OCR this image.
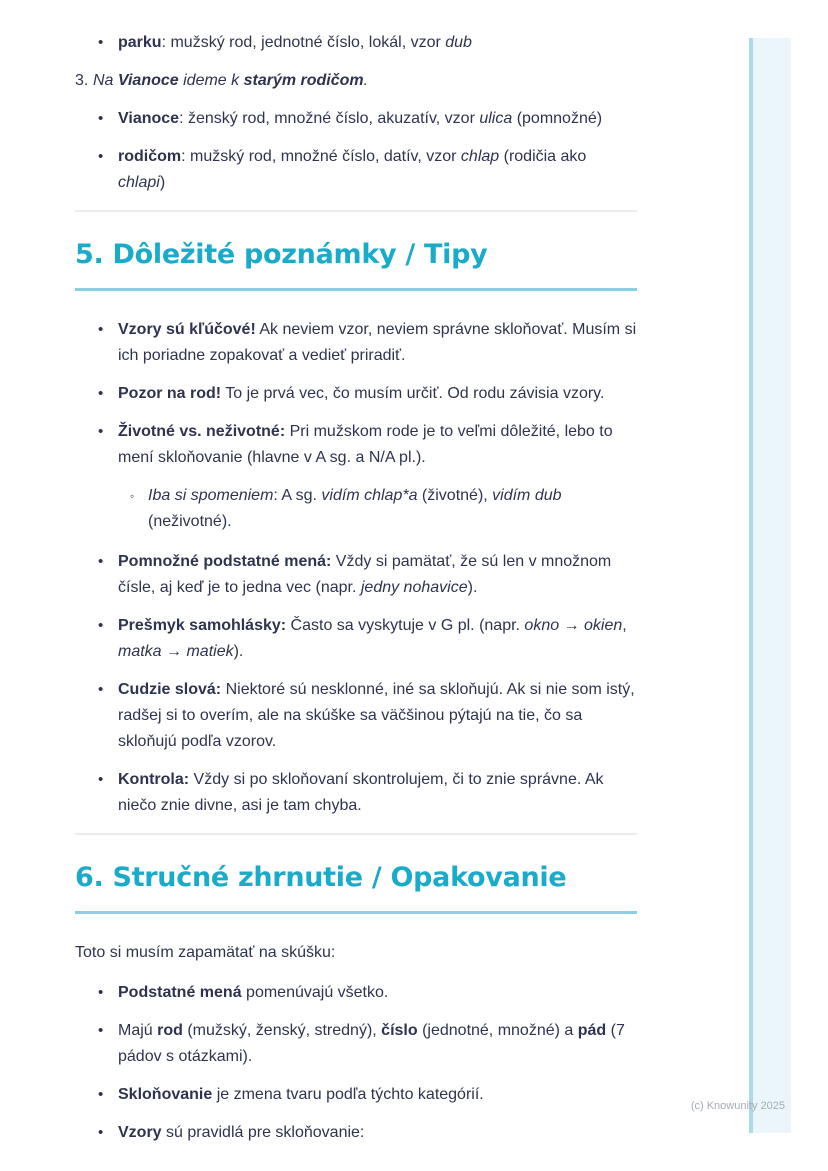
• parku: mužský rod, jednotné číslo, lokál, vzor dub
3. Na Vianoce ideme k starým rodičom.
• Vianoce: ženský rod, množné číslo, akuzatív, vzor ulica (pomnožné)
• rodičom: mužský rod, množné číslo, datív, vzor chlap (rodičia ako chlapi)
5. Dôležité poznámky / Tipy
• Vzory sú kľúčové! Ak neviem vzor, neviem správne skloňovať. Musím si ich poriadne zopakovať a vedieť priradiť.
• Pozor na rod! To je prvá vec, čo musím určiť. Od rodu závisia vzory.
• Životné vs. neživotné: Pri mužskom rode je to veľmi dôležité, lebo to mení skloňovanie (hlavne v A sg. a N/A pl.).
◦ Iba si spomeniem: A sg. vidím chlap*a (životné), vidím dub (neživotné).
• Pomnožné podstatné mená: Vždy si pamätať, že sú len v množnom čísle, aj keď je to jedna vec (napr. jedny nohavice).
• Prešmyk samohlásky: Často sa vyskytuje v G pl. (napr. okno → okien, matka → matiek).
• Cudzie slová: Niektoré sú nesklonné, iné sa skloňujú. Ak si nie som istý, radšej si to overím, ale na skúške sa väčšinou pýtajú na tie, čo sa skloňujú podľa vzorov.
• Kontrola: Vždy si po skloňovaní skontrolujem, či to znie správne. Ak niečo znie divne, asi je tam chyba.
6. Stručné zhrnutie / Opakovanie

Toto si musím zapamätať na skúšku:

• Podstatné mená pomenúvajú všetko.
• Majú rod (mužský, ženský, stredný), číslo (jednotné, množné) a pád (7 pádov s otázkami).
• Skloňovanie je zmena tvaru podľa týchto kategórií.
• Vzory sú pravidlá pre skloňovanie:
(c) Knowunity 2025
